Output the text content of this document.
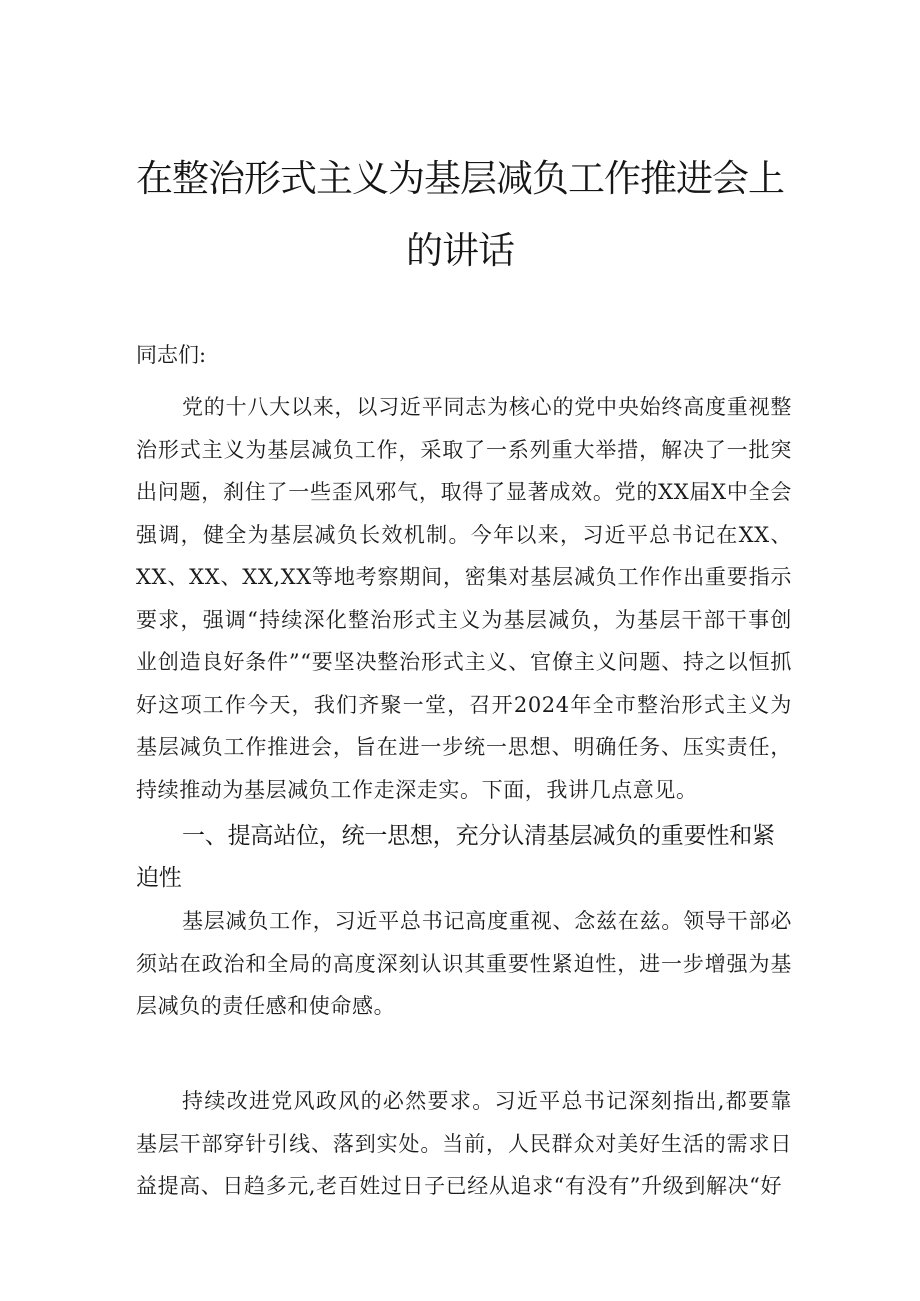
在整治形式主义为基层减负工作推进会上
的讲话
同志们:

党的十八大以来，以习近平同志为核心的党中央始终高度重视整治形式主义为基层减负工作，采取了一系列重大举措，解决了一批突出问题，刹住了一些歪风邪气，取得了显著成效。党的XX届X中全会强调，健全为基层减负长效机制。今年以来，习近平总书记在XX、XX、XX、XX,XX等地考察期间，密集对基层减负工作作出重要指示要求，强调“持续深化整治形式主义为基层减负，为基层干部干事创业创造良好条件”“要坚决整治形式主义、官僚主义问题、持之以恒抓好这项工作今天，我们齐聚一堂，召开2024年全市整治形式主义为基层减负工作推进会，旨在进一步统一思想、明确任务、压实责任，持续推动为基层减负工作走深走实。下面，我讲几点意见。

一、提高站位，统一思想，充分认清基层减负的重要性和紧迫性

基层减负工作，习近平总书记高度重视、念兹在兹。领导干部必须站在政治和全局的高度深刻认识其重要性紧迫性，进一步增强为基层减负的责任感和使命感。

持续改进党风政风的必然要求。习近平总书记深刻指出,都要靠基层干部穿针引线、落到实处。当前，人民群众对美好生活的需求日益提高、日趋多元,老百姓过日子已经从追求“有没有”升级到解决“好
